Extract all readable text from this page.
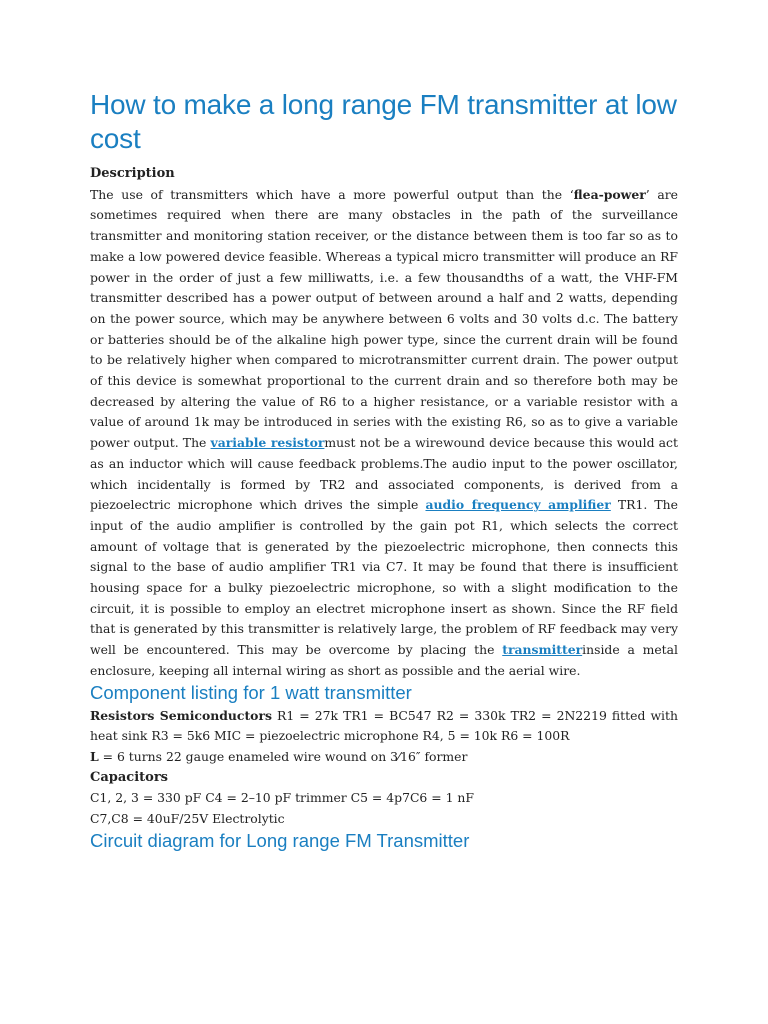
How to make a long range FM transmitter at low cost

Description

The use of transmitters which have a more powerful output than the ‘flea-power’ are sometimes required when there are many obstacles in the path of the surveillance transmitter and monitoring station receiver, or the distance between them is too far so as to make a low powered device feasible. Whereas a typical micro transmitter will produce an RF power in the order of just a few milliwatts, i.e. a few thousandths of a watt, the VHF-FM transmitter described has a power output of between around a half and 2 watts, depending on the power source, which may be anywhere between 6 volts and 30 volts d.c. The battery or batteries should be of the alkaline high power type, since the current drain will be found to be relatively higher when compared to microtransmitter current drain. The power output of this device is somewhat proportional to the current drain and so therefore both may be decreased by altering the value of R6 to a higher resistance, or a variable resistor with a value of around 1k may be introduced in series with the existing R6, so as to give a variable power output. The variable resistormust not be a wirewound device because this would act as an inductor which will cause feedback problems.The audio input to the power oscillator, which incidentally is formed by TR2 and associated components, is derived from a piezoelectric microphone which drives the simple audio frequency amplifier TR1. The input of the audio amplifier is controlled by the gain pot R1, which selects the correct amount of voltage that is generated by the piezoelectric microphone, then connects this signal to the base of audio amplifier TR1 via C7. It may be found that there is insufficient housing space for a bulky piezoelectric microphone, so with a slight modification to the circuit, it is possible to employ an electret microphone insert as shown. Since the RF field that is generated by this transmitter is relatively large, the problem of RF feedback may very well be encountered. This may be overcome by placing the transmitterinside a metal enclosure, keeping all internal wiring as short as possible and the aerial wire.

Component listing for 1 watt transmitter

Resistors Semiconductors R1 = 27k TR1 = BC547 R2 = 330k TR2 = 2N2219 fitted with heat sink R3 = 5k6 MIC = piezoelectric microphone R4, 5 = 10k R6 = 100R

L = 6 turns 22 gauge enameled wire wound on 3⁄16″ former

Capacitors

C1, 2, 3 = 330 pF C4 = 2–10 pF trimmer C5 = 4p7C6 = 1 nF

C7,C8 = 40uF/25V Electrolytic

Circuit diagram for Long range FM Transmitter
